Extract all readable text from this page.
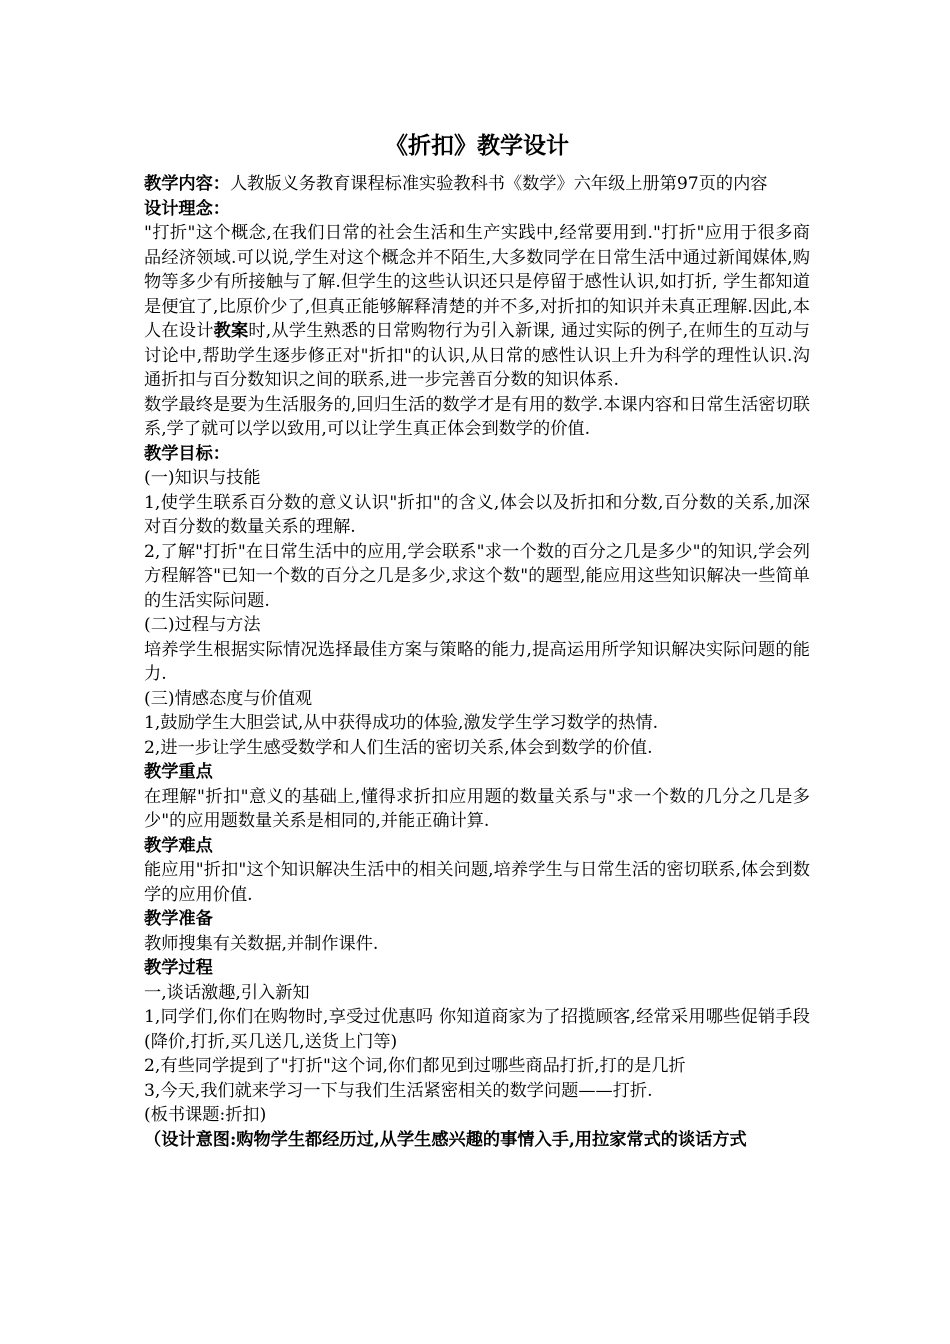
《折扣》教学设计

教学内容：人教版义务教育课程标准实验教科书《数学》六年级上册第97页的内容

设计理念：

"打折"这个概念,在我们日常的社会生活和生产实践中,经常要用到."打折"应用于很多商品经济领域.可以说,学生对这个概念并不陌生,大多数同学在日常生活中通过新闻媒体,购物等多少有所接触与了解.但学生的这些认识还只是停留于感性认识,如打折, 学生都知道是便宜了,比原价少了,但真正能够解释清楚的并不多,对折扣的知识并未真正理解.因此,本人在设计教案时,从学生熟悉的日常购物行为引入新课, 通过实际的例子,在师生的互动与讨论中,帮助学生逐步修正对"折扣"的认识,从日常的感性认识上升为科学的理性认识.沟通折扣与百分数知识之间的联系,进一步完善百分数的知识体系.

数学最终是要为生活服务的,回归生活的数学才是有用的数学.本课内容和日常生活密切联系,学了就可以学以致用,可以让学生真正体会到数学的价值.

教学目标：

(一)知识与技能

1,使学生联系百分数的意义认识"折扣"的含义,体会以及折扣和分数,百分数的关系,加深对百分数的数量关系的理解.

2,了解"打折"在日常生活中的应用,学会联系"求一个数的百分之几是多少"的知识,学会列方程解答"已知一个数的百分之几是多少,求这个数"的题型,能应用这些知识解决一些简单的生活实际问题.

(二)过程与方法

培养学生根据实际情况选择最佳方案与策略的能力,提高运用所学知识解决实际问题的能力.

(三)情感态度与价值观

1,鼓励学生大胆尝试,从中获得成功的体验,激发学生学习数学的热情.

2,进一步让学生感受数学和人们生活的密切关系,体会到数学的价值.

教学重点

在理解"折扣"意义的基础上,懂得求折扣应用题的数量关系与"求一个数的几分之几是多少"的应用题数量关系是相同的,并能正确计算.

教学难点

能应用"折扣"这个知识解决生活中的相关问题,培养学生与日常生活的密切联系,体会到数学的应用价值.

教学准备

教师搜集有关数据,并制作课件.

教学过程

一,谈话激趣,引入新知

1,同学们,你们在购物时,享受过优惠吗 你知道商家为了招揽顾客,经常采用哪些促销手段 (降价,打折,买几送几,送货上门等)

2,有些同学提到了"打折"这个词,你们都见到过哪些商品打折,打的是几折

3,今天,我们就来学习一下与我们生活紧密相关的数学问题——打折.

(板书课题:折扣)

（设计意图:购物学生都经历过,从学生感兴趣的事情入手,用拉家常式的谈话方式
